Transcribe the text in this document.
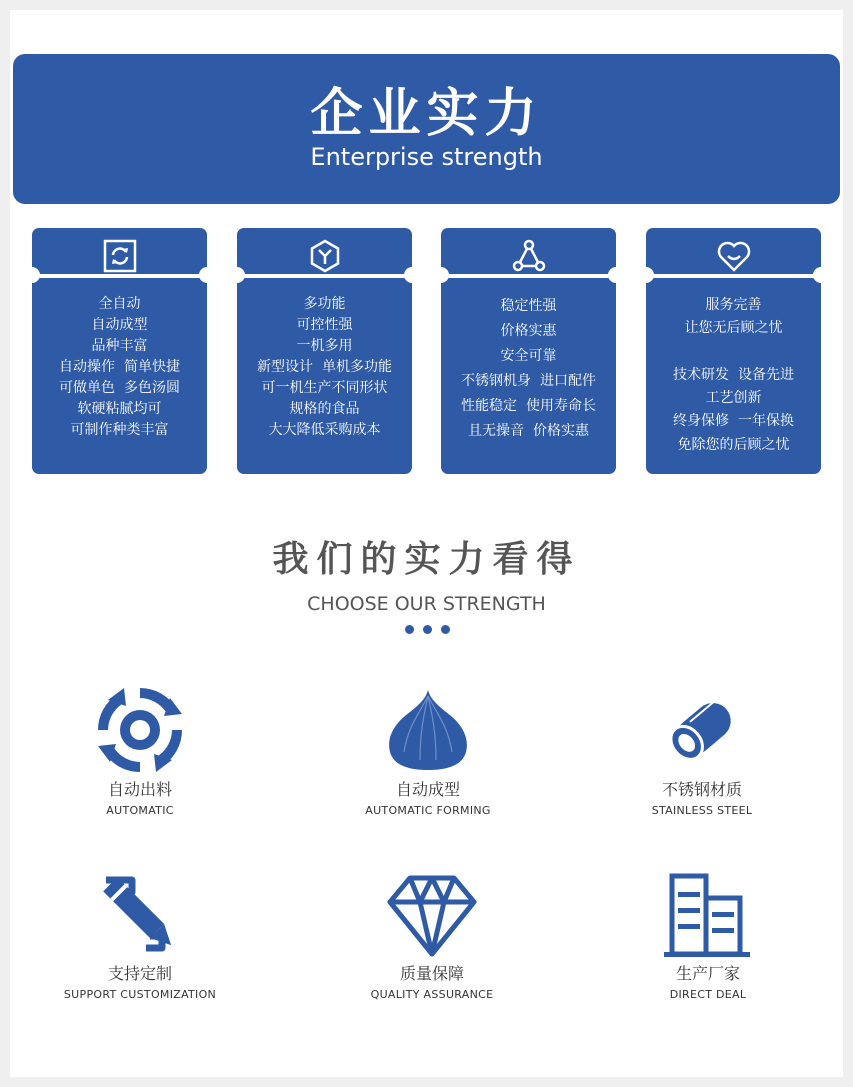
企业实力
Enterprise strength
全自动
自动成型
品种丰富
自动操作  简单快捷
可做单色  多色汤圆
软硬粘腻均可
可制作种类丰富
多功能
可控性强
一机多用
新型设计  单机多功能
可一机生产不同形状
规格的食品
大大降低采购成本
稳定性强
价格实惠
安全可靠
不锈钢机身  进口配件
性能稳定  使用寿命长
且无操音  价格实惠
服务完善
让您无后顾之忧
技术研发  设备先进
工艺创新
终身保修  一年保换
免除您的后顾之忧
我们的实力看得
CHOOSE OUR STRENGTH
自动出料
AUTOMATIC
自动成型
AUTOMATIC FORMING
不锈钢材质
STAINLESS STEEL
支持定制
SUPPORT CUSTOMIZATION
质量保障
QUALITY ASSURANCE
生产厂家
DIRECT DEAL
